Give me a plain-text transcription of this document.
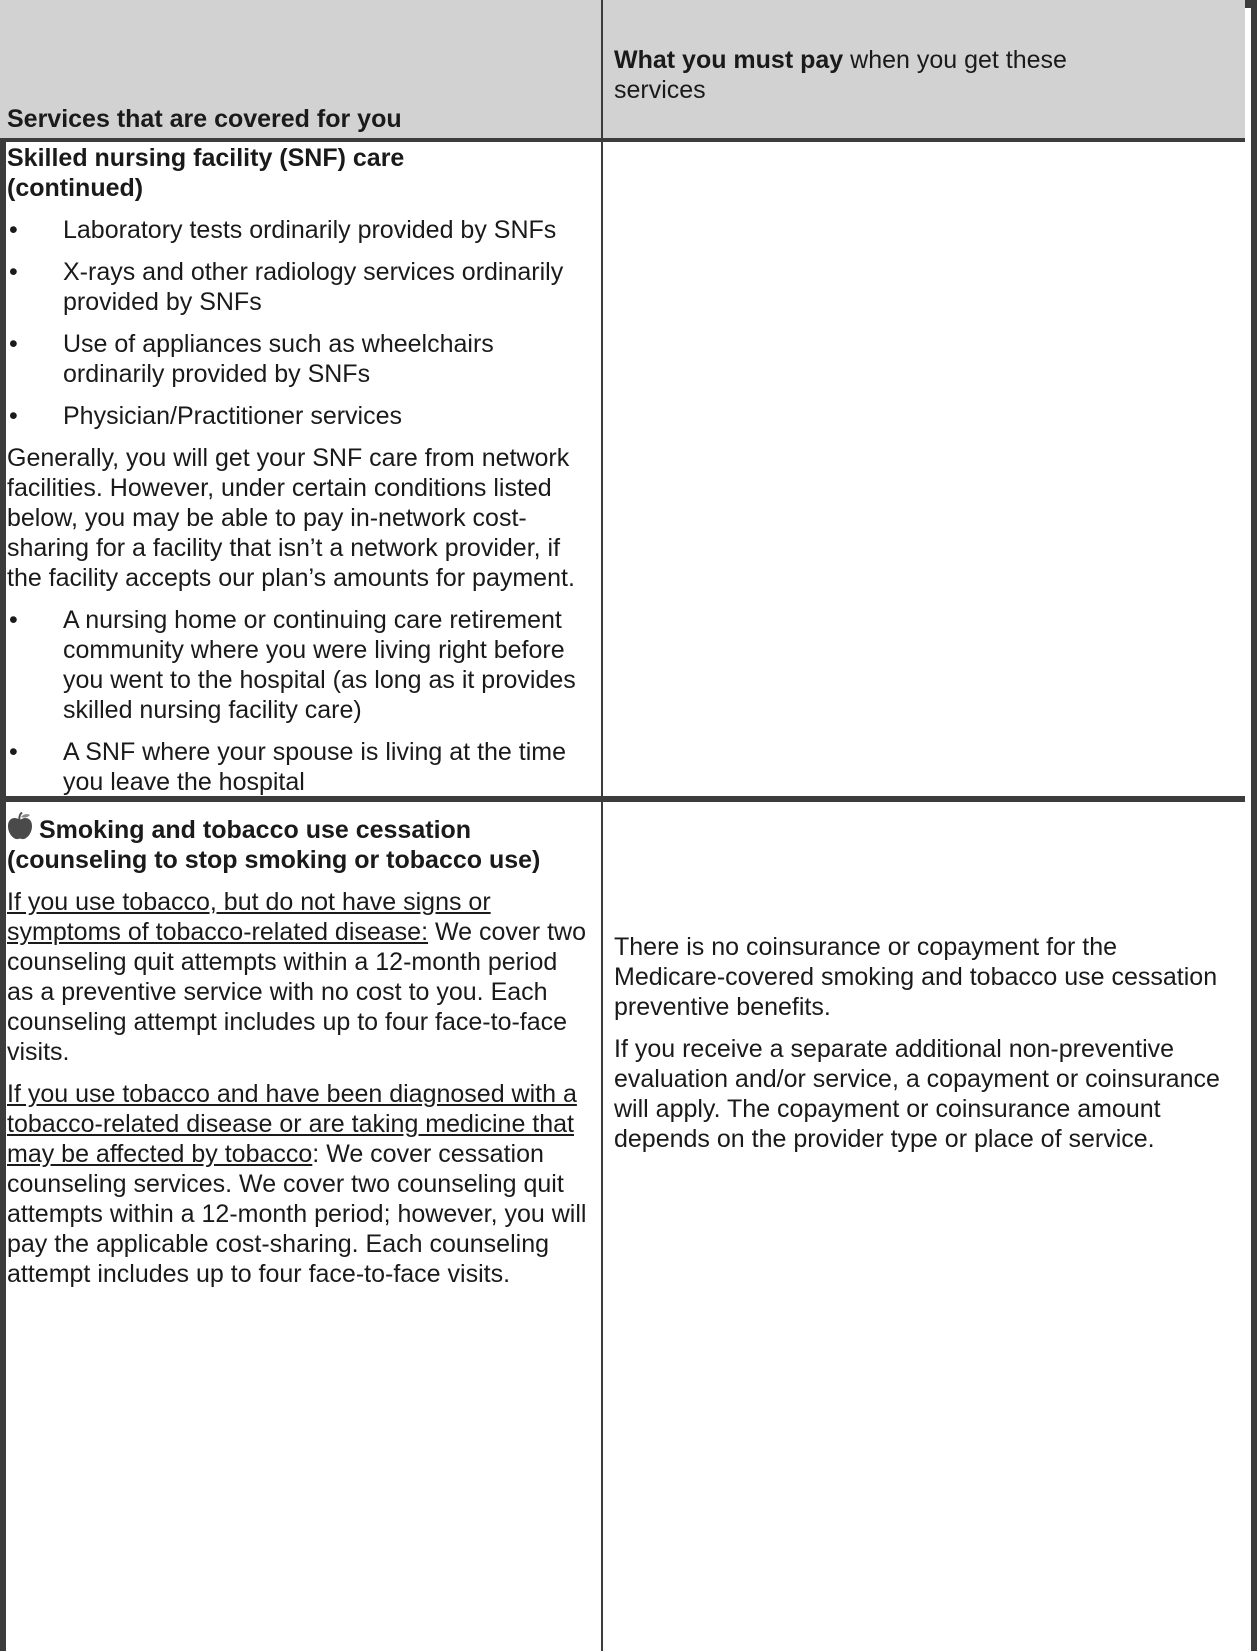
Services that are covered for you
What you must pay when you get these services

Skilled nursing facility (SNF) care
(continued)

• Laboratory tests ordinarily provided by SNFs
• X-rays and other radiology services ordinarily provided by SNFs
• Use of appliances such as wheelchairs ordinarily provided by SNFs
• Physician/Practitioner services

Generally, you will get your SNF care from network facilities. However, under certain conditions listed below, you may be able to pay in-network cost-sharing for a facility that isn’t a network provider, if the facility accepts our plan’s amounts for payment.

• A nursing home or continuing care retirement community where you were living right before you went to the hospital (as long as it provides skilled nursing facility care)
• A SNF where your spouse is living at the time you leave the hospital

Smoking and tobacco use cessation (counseling to stop smoking or tobacco use)

If you use tobacco, but do not have signs or symptoms of tobacco-related disease: We cover two counseling quit attempts within a 12-month period as a preventive service with no cost to you. Each counseling attempt includes up to four face-to-face visits.

If you use tobacco and have been diagnosed with a tobacco-related disease or are taking medicine that may be affected by tobacco: We cover cessation counseling services. We cover two counseling quit attempts within a 12-month period; however, you will pay the applicable cost-sharing. Each counseling attempt includes up to four face-to-face visits.

There is no coinsurance or copayment for the Medicare-covered smoking and tobacco use cessation preventive benefits.

If you receive a separate additional non-preventive evaluation and/or service, a copayment or coinsurance will apply. The copayment or coinsurance amount depends on the provider type or place of service.
